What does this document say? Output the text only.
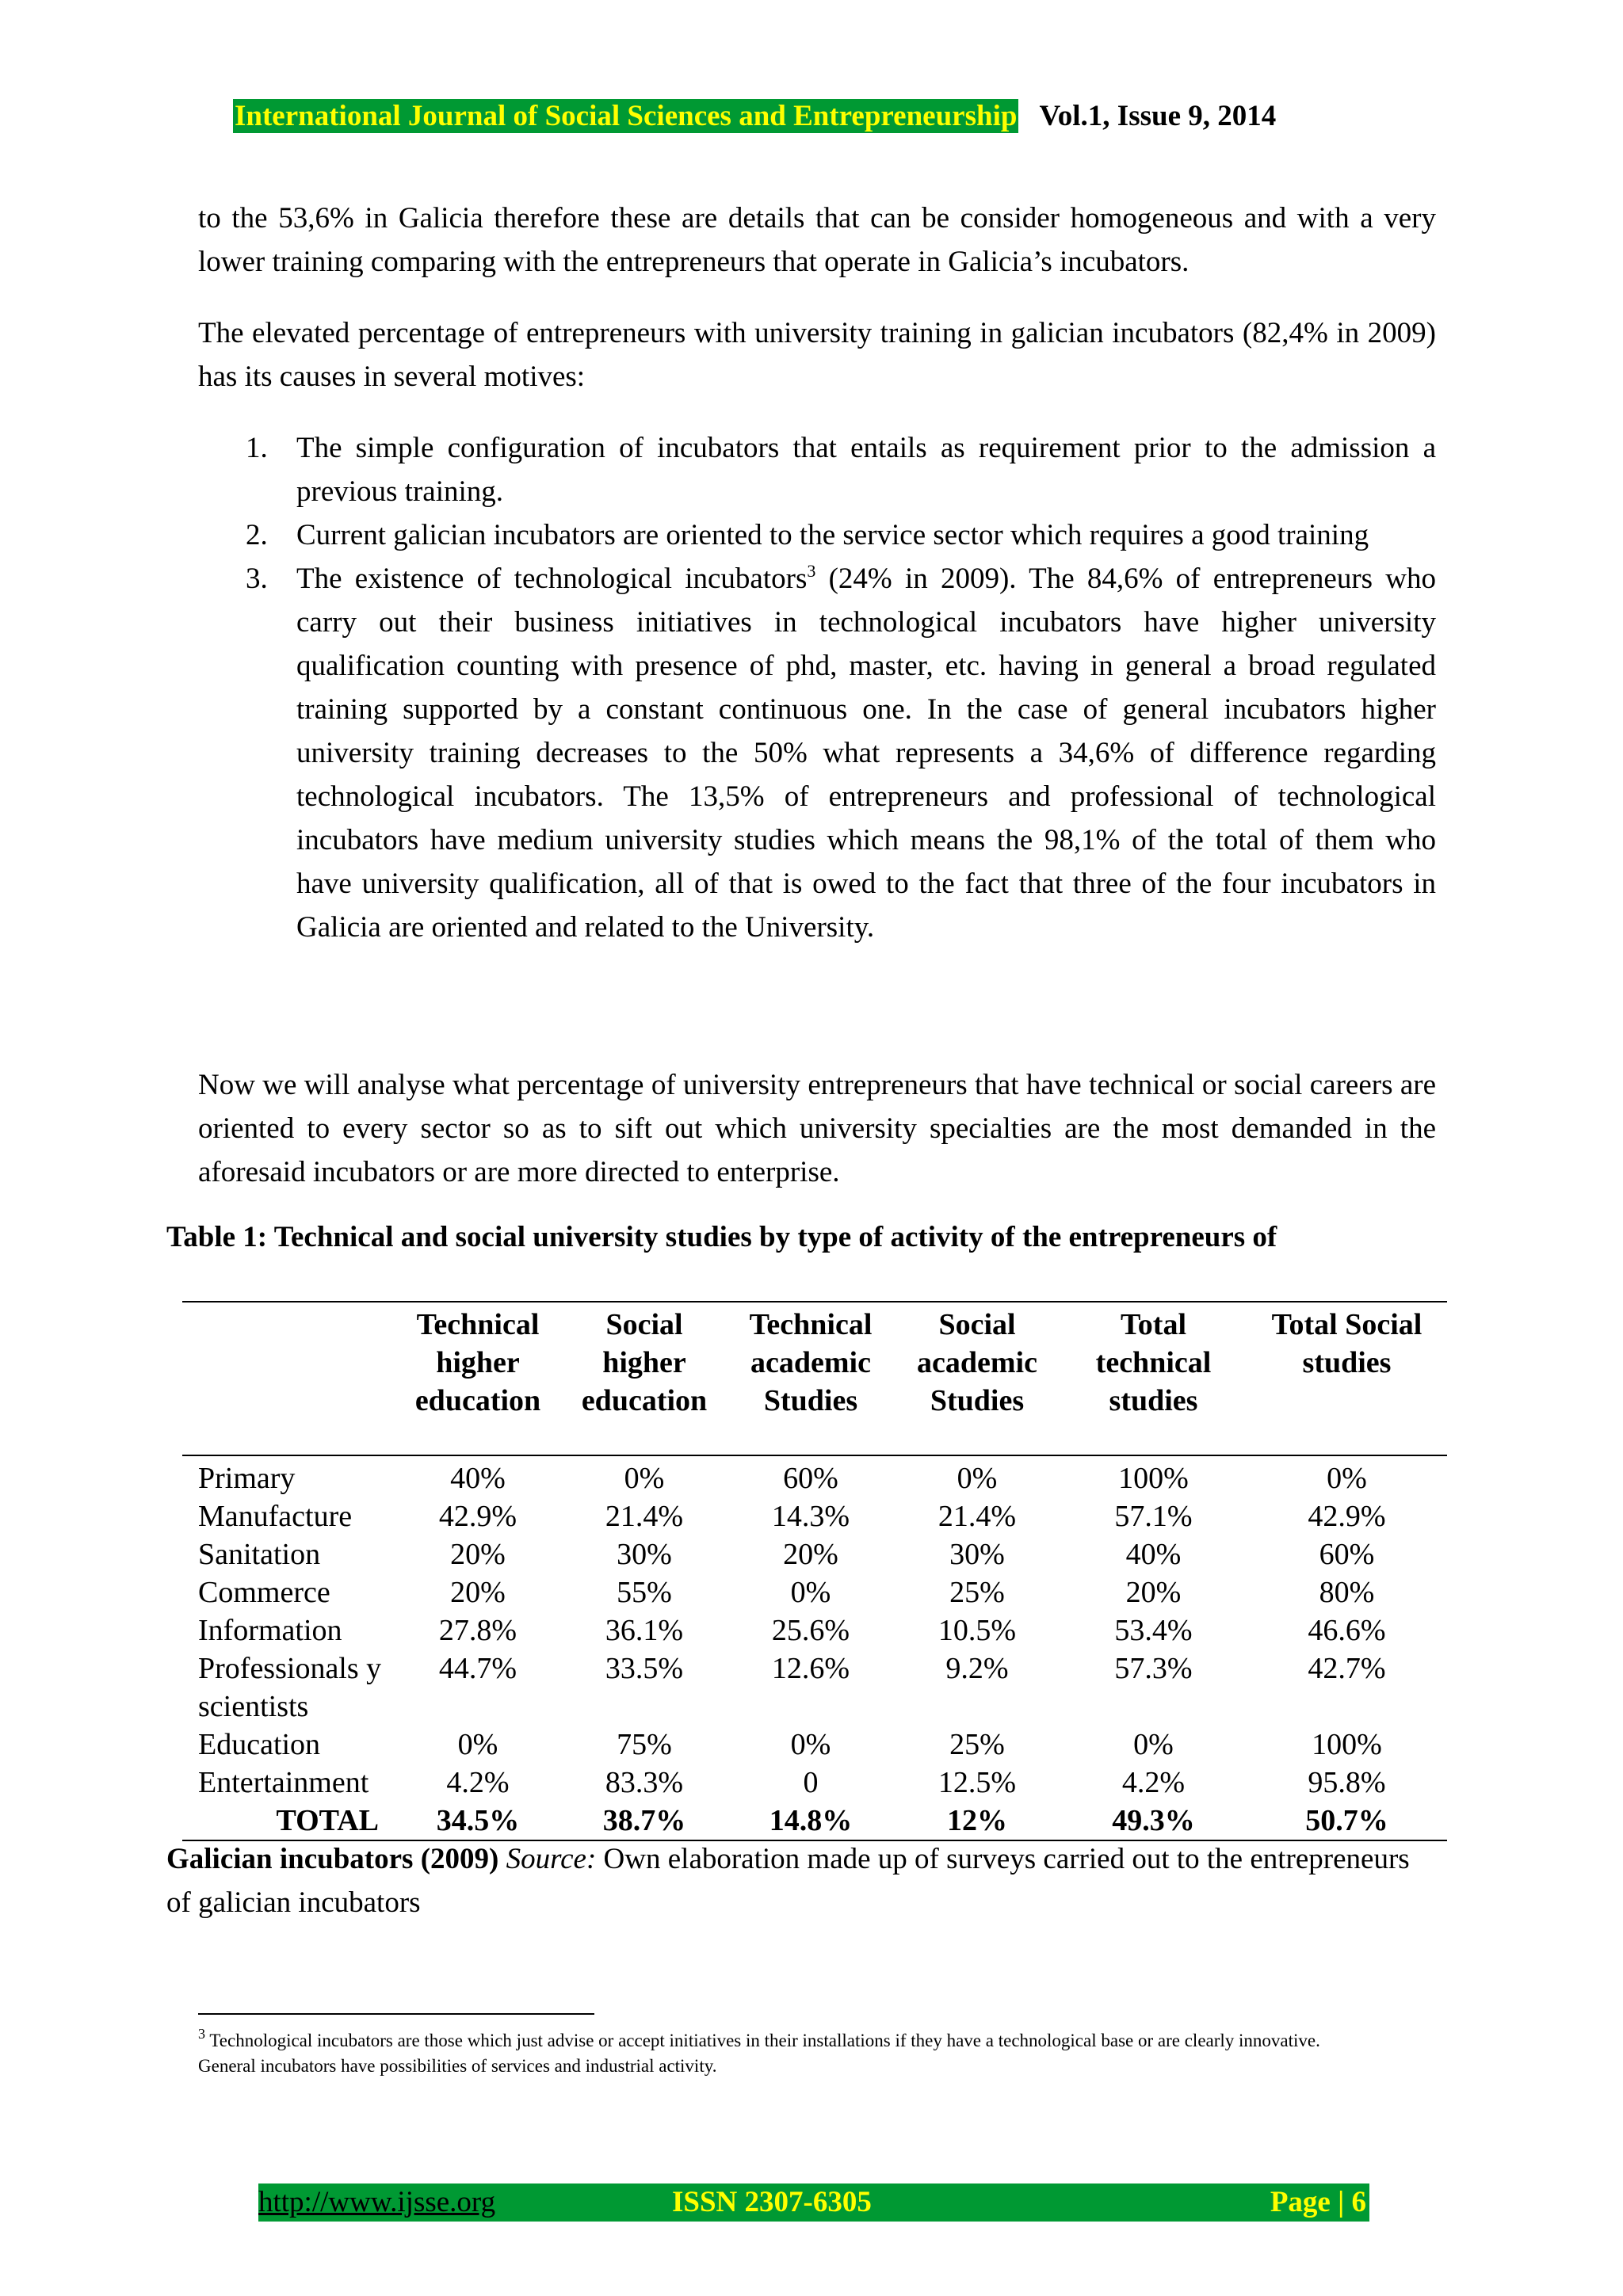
International Journal of Social Sciences and Entrepreneurship Vol.1, Issue 9, 2014

to the 53,6% in Galicia therefore these are details that can be consider homogeneous and with a very lower training comparing with the entrepreneurs that operate in Galicia’s incubators.

The elevated percentage of entrepreneurs with university training in galician incubators (82,4% in 2009) has its causes in several motives:

1. The simple configuration of incubators that entails as requirement prior to the admission a previous training.
2. Current galician incubators are oriented to the service sector which requires a good training
3. The existence of technological incubators$^3$ (24% in 2009). The 84,6% of entrepreneurs who carry out their business initiatives in technological incubators have higher university qualification counting with presence of phd, master, etc. having in general a broad regulated training supported by a constant continuous one. In the case of general incubators higher university training decreases to the 50% what represents a 34,6% of difference regarding technological incubators. The 13,5% of entrepreneurs and professional of technological incubators have medium university studies which means the 98,1% of the total of them who have university qualification, all of that is owed to the fact that three of the four incubators in Galicia are oriented and related to the University.

Now we will analyse what percentage of university entrepreneurs that have technical or social careers are oriented to every sector so as to sift out which university specialties are the most demanded in the aforesaid incubators or are more directed to enterprise.

Table 1: Technical and social university studies by type of activity of the entrepreneurs of
	Technical higher education	Social higher education	Technical academic Studies	Social academic Studies	Total technical studies	Total Social studies
Primary	40%	0%	60%	0%	100%	0%
Manufacture	42.9%	21.4%	14.3%	21.4%	57.1%	42.9%
Sanitation	20%	30%	20%	30%	40%	60%
Commerce	20%	55%	0%	25%	20%	80%
Information	27.8%	36.1%	25.6%	10.5%	53.4%	46.6%
Professionals y scientists	44.7%	33.5%	12.6%	9.2%	57.3%	42.7%
Education	0%	75%	0%	25%	0%	100%
Entertainment	4.2%	83.3%	0	12.5%	4.2%	95.8%
TOTAL	34.5%	38.7%	14.8%	12%	49.3%	50.7%
Galician incubators (2009) Source: Own elaboration made up of surveys carried out to the entrepreneurs of galician incubators
$^3$ Technological incubators are those which just advise or accept initiatives in their installations if they have a technological base or are clearly innovative.
General incubators have possibilities of services and industrial activity.
http://www.ijsse.org	ISSN 2307-6305	Page | 6
